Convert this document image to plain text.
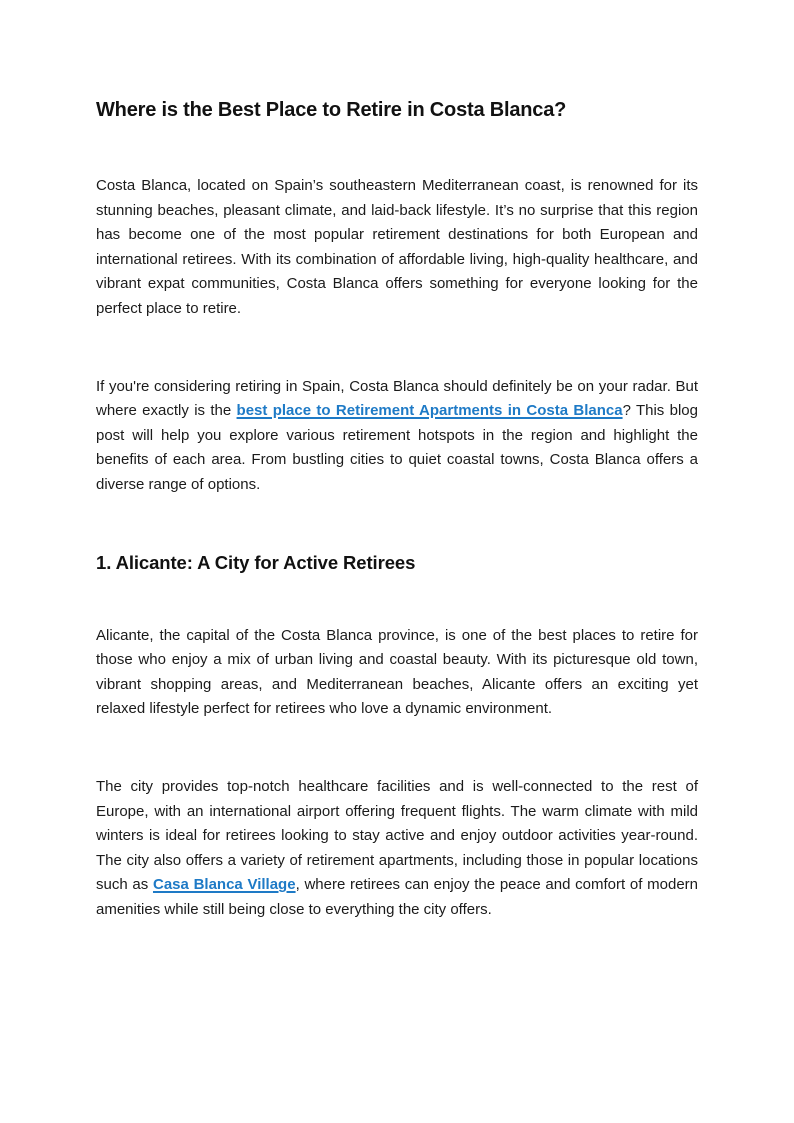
Where is the Best Place to Retire in Costa Blanca?

Costa Blanca, located on Spain’s southeastern Mediterranean coast, is renowned for its stunning beaches, pleasant climate, and laid-back lifestyle. It’s no surprise that this region has become one of the most popular retirement destinations for both European and international retirees. With its combination of affordable living, high-quality healthcare, and vibrant expat communities, Costa Blanca offers something for everyone looking for the perfect place to retire.

If you're considering retiring in Spain, Costa Blanca should definitely be on your radar. But where exactly is the best place to Retirement Apartments in Costa Blanca? This blog post will help you explore various retirement hotspots in the region and highlight the benefits of each area. From bustling cities to quiet coastal towns, Costa Blanca offers a diverse range of options.

1. Alicante: A City for Active Retirees

Alicante, the capital of the Costa Blanca province, is one of the best places to retire for those who enjoy a mix of urban living and coastal beauty. With its picturesque old town, vibrant shopping areas, and Mediterranean beaches, Alicante offers an exciting yet relaxed lifestyle perfect for retirees who love a dynamic environment.

The city provides top-notch healthcare facilities and is well-connected to the rest of Europe, with an international airport offering frequent flights. The warm climate with mild winters is ideal for retirees looking to stay active and enjoy outdoor activities year-round. The city also offers a variety of retirement apartments, including those in popular locations such as Casa Blanca Village, where retirees can enjoy the peace and comfort of modern amenities while still being close to everything the city offers.
